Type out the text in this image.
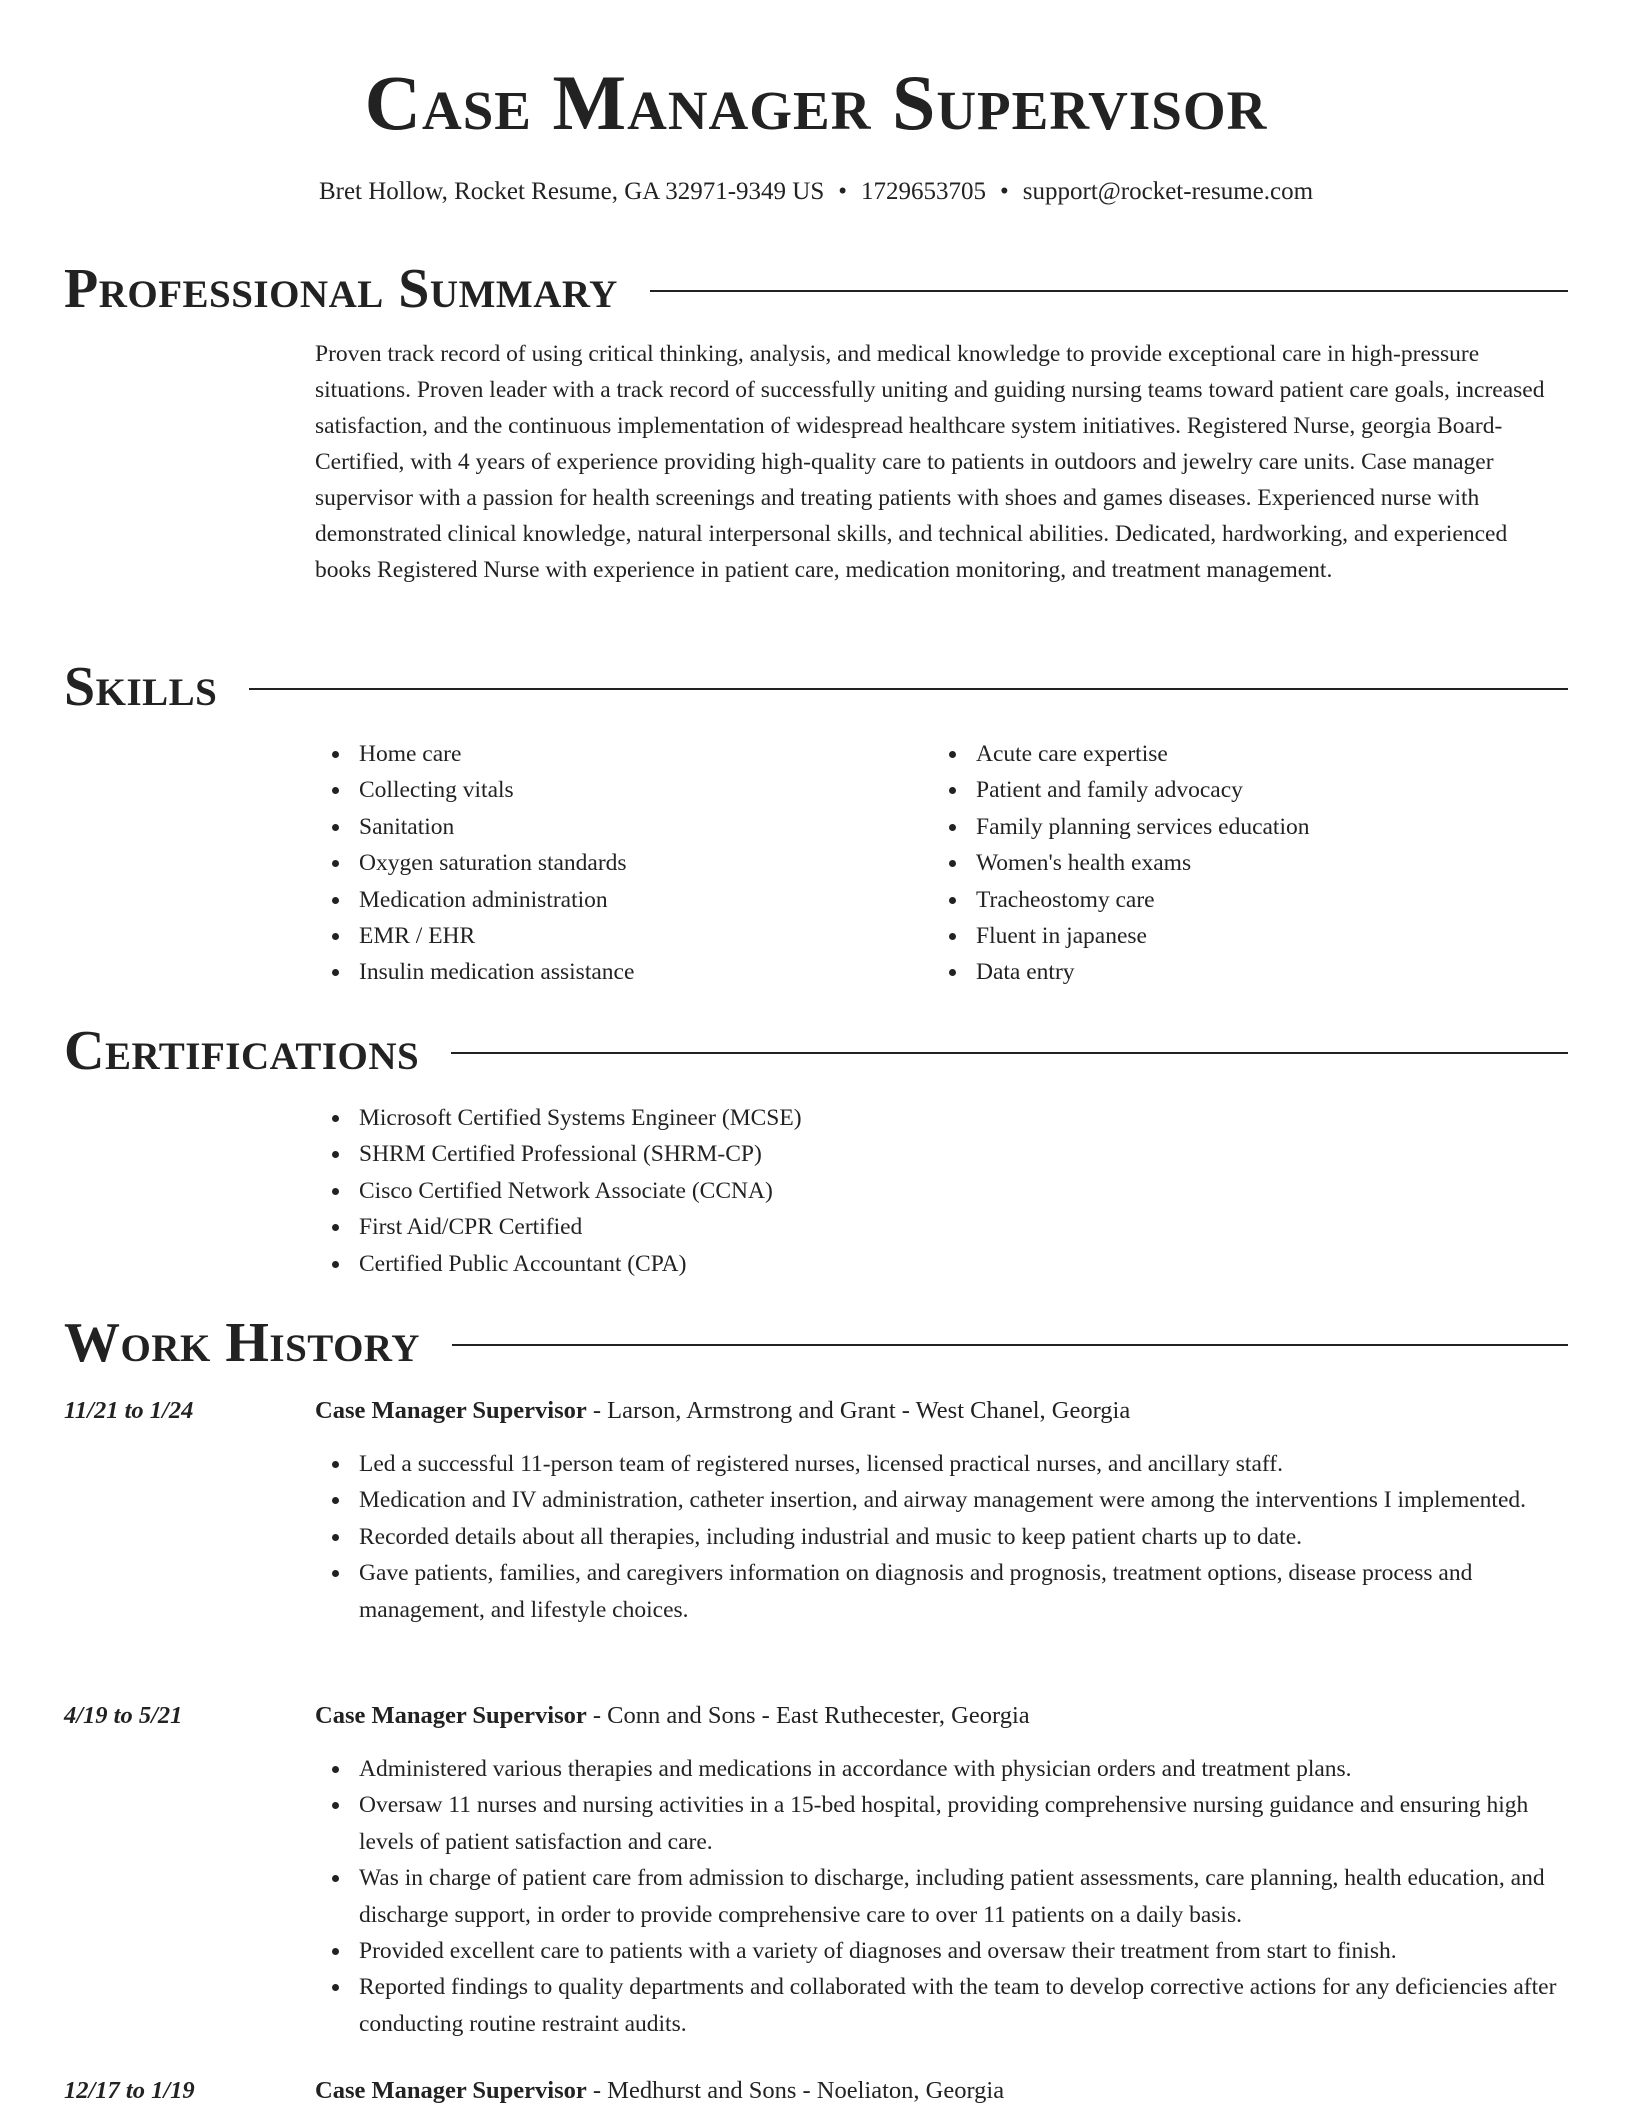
Case Manager Supervisor
Bret Hollow, Rocket Resume, GA 32971-9349 US • 1729653705 • support@rocket-resume.com
Professional Summary

Proven track record of using critical thinking, analysis, and medical knowledge to provide exceptional care in high-pressure situations. Proven leader with a track record of successfully uniting and guiding nursing teams toward patient care goals, increased satisfaction, and the continuous implementation of widespread healthcare system initiatives. Registered Nurse, georgia Board-Certified, with 4 years of experience providing high-quality care to patients in outdoors and jewelry care units. Case manager supervisor with a passion for health screenings and treating patients with shoes and games diseases. Experienced nurse with demonstrated clinical knowledge, natural interpersonal skills, and technical abilities. Dedicated, hardworking, and experienced books Registered Nurse with experience in patient care, medication monitoring, and treatment management.

Skills
Home care
Collecting vitals
Sanitation
Oxygen saturation standards
Medication administration
EMR / EHR
Insulin medication assistance
Acute care expertise
Patient and family advocacy
Family planning services education
Women's health exams
Tracheostomy care
Fluent in japanese
Data entry
Certifications
Microsoft Certified Systems Engineer (MCSE)
SHRM Certified Professional (SHRM-CP)
Cisco Certified Network Associate (CCNA)
First Aid/CPR Certified
Certified Public Accountant (CPA)
Work History
11/21 to 1/24	Case Manager Supervisor - Larson, Armstrong and Grant - West Chanel, Georgia
Led a successful 11-person team of registered nurses, licensed practical nurses, and ancillary staff.
Medication and IV administration, catheter insertion, and airway management were among the interventions I implemented.
Recorded details about all therapies, including industrial and music to keep patient charts up to date.
Gave patients, families, and caregivers information on diagnosis and prognosis, treatment options, disease process and management, and lifestyle choices.
4/19 to 5/21	Case Manager Supervisor - Conn and Sons - East Ruthecester, Georgia
Administered various therapies and medications in accordance with physician orders and treatment plans.
Oversaw 11 nurses and nursing activities in a 15-bed hospital, providing comprehensive nursing guidance and ensuring high levels of patient satisfaction and care.
Was in charge of patient care from admission to discharge, including patient assessments, care planning, health education, and discharge support, in order to provide comprehensive care to over 11 patients on a daily basis.
Provided excellent care to patients with a variety of diagnoses and oversaw their treatment from start to finish.
Reported findings to quality departments and collaborated with the team to develop corrective actions for any deficiencies after conducting routine restraint audits.
12/17 to 1/19	Case Manager Supervisor - Medhurst and Sons - Noeliaton, Georgia
